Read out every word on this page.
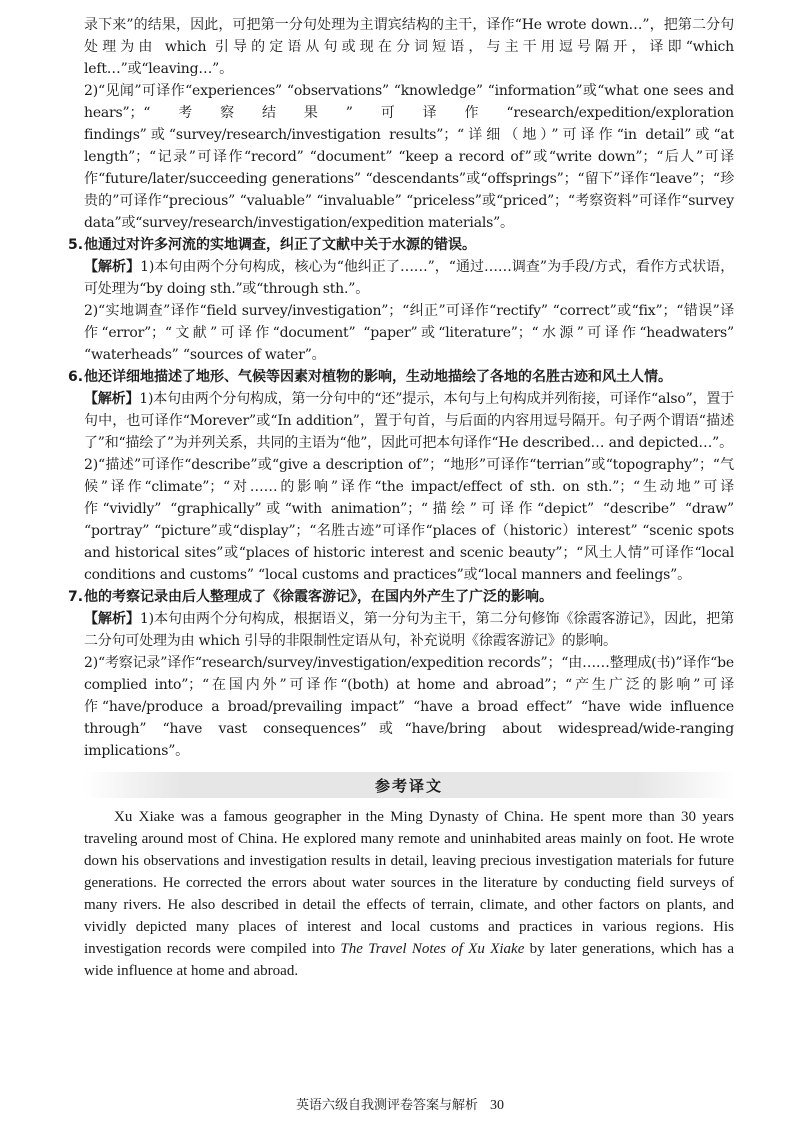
录下来”的结果，因此，可把第一分句处理为主谓宾结构的主干，译作“He wrote down…”，把第二分句处理为由 which 引导的定语从句或现在分词短语，与主干用逗号隔开，译即“which left…”或“leaving…”。

2)“见闻”可译作“experiences” “observations” “knowledge” “information”或“what one sees and hears”；“考察结果”可译作“research/expedition/exploration findings”或“survey/research/investigation results”；“详细（地）”可译作“in detail”或“at length”；“记录”可译作“record” “document” “keep a record of”或“write down”；“后人”可译作“future/later/succeeding generations” “descendants”或“offsprings”；“留下”译作“leave”；“珍贵的”可译作“precious” “valuable” “invaluable” “priceless”或“priced”；“考察资料”可译作“survey data”或“survey/research/investigation/expedition materials”。

5.他通过对许多河流的实地调查，纠正了文献中关于水源的错误。

【解析】1)本句由两个分句构成，核心为“他纠正了……”，“通过……调查”为手段/方式，看作方式状语，可处理为“by doing sth.”或“through sth.”。

2)“实地调查”译作“field survey/investigation”；“纠正”可译作“rectify” “correct”或“fix”；“错误”译作“error”；“文献”可译作“document” “paper”或“literature”；“水源”可译作“headwaters” “waterheads” “sources of water”。

6.他还详细地描述了地形、气候等因素对植物的影响，生动地描绘了各地的名胜古迹和风土人情。

【解析】1)本句由两个分句构成，第一分句中的“还”提示，本句与上句构成并列衔接，可译作“also”，置于句中，也可译作“Morever”或“In addition”，置于句首，与后面的内容用逗号隔开。句子两个谓语“描述了”和“描绘了”为并列关系，共同的主语为“他”，因此可把本句译作“He described… and depicted…”。

2)“描述”可译作“describe”或“give a description of”；“地形”可译作“terrian”或“topography”；“气候”译作“climate”；“对……的影响”译作“the impact/effect of sth. on sth.”；“生动地”可译作“vividly” “graphically”或“with animation”；“描绘”可译作“depict” “describe” “draw” “portray” “picture”或“display”；“名胜古迹”可译作“places of（historic）interest” “scenic spots and historical sites”或“places of historic interest and scenic beauty”；“风土人情”可译作“local conditions and customs” “local customs and practices”或“local manners and feelings”。

7.他的考察记录由后人整理成了《徐霞客游记》，在国内外产生了广泛的影响。

【解析】1)本句由两个分句构成，根据语义，第一分句为主干，第二分句修饰《徐霞客游记》，因此，把第二分句可处理为由 which 引导的非限制性定语从句，补充说明《徐霞客游记》的影响。

2)“考察记录”译作“research/survey/investigation/expedition records”；“由……整理成(书)”译作“be complied into”；“在国内外”可译作“(both) at home and abroad”；“产生广泛的影响”可译作“have/produce a broad/prevailing impact” “have a broad effect” “have wide influence through” “have vast consequences”或“have/bring about widespread/wide-ranging implications”。

参考译文

Xu Xiake was a famous geographer in the Ming Dynasty of China. He spent more than 30 years traveling around most of China. He explored many remote and uninhabited areas mainly on foot. He wrote down his observations and investigation results in detail, leaving precious investigation materials for future generations. He corrected the errors about water sources in the literature by conducting field surveys of many rivers. He also described in detail the effects of terrain, climate, and other factors on plants, and vividly depicted many places of interest and local customs and practices in various regions. His investigation records were compiled into The Travel Notes of Xu Xiake by later generations, which has a wide influence at home and abroad.

英语六级自我测评卷答案与解析 30
